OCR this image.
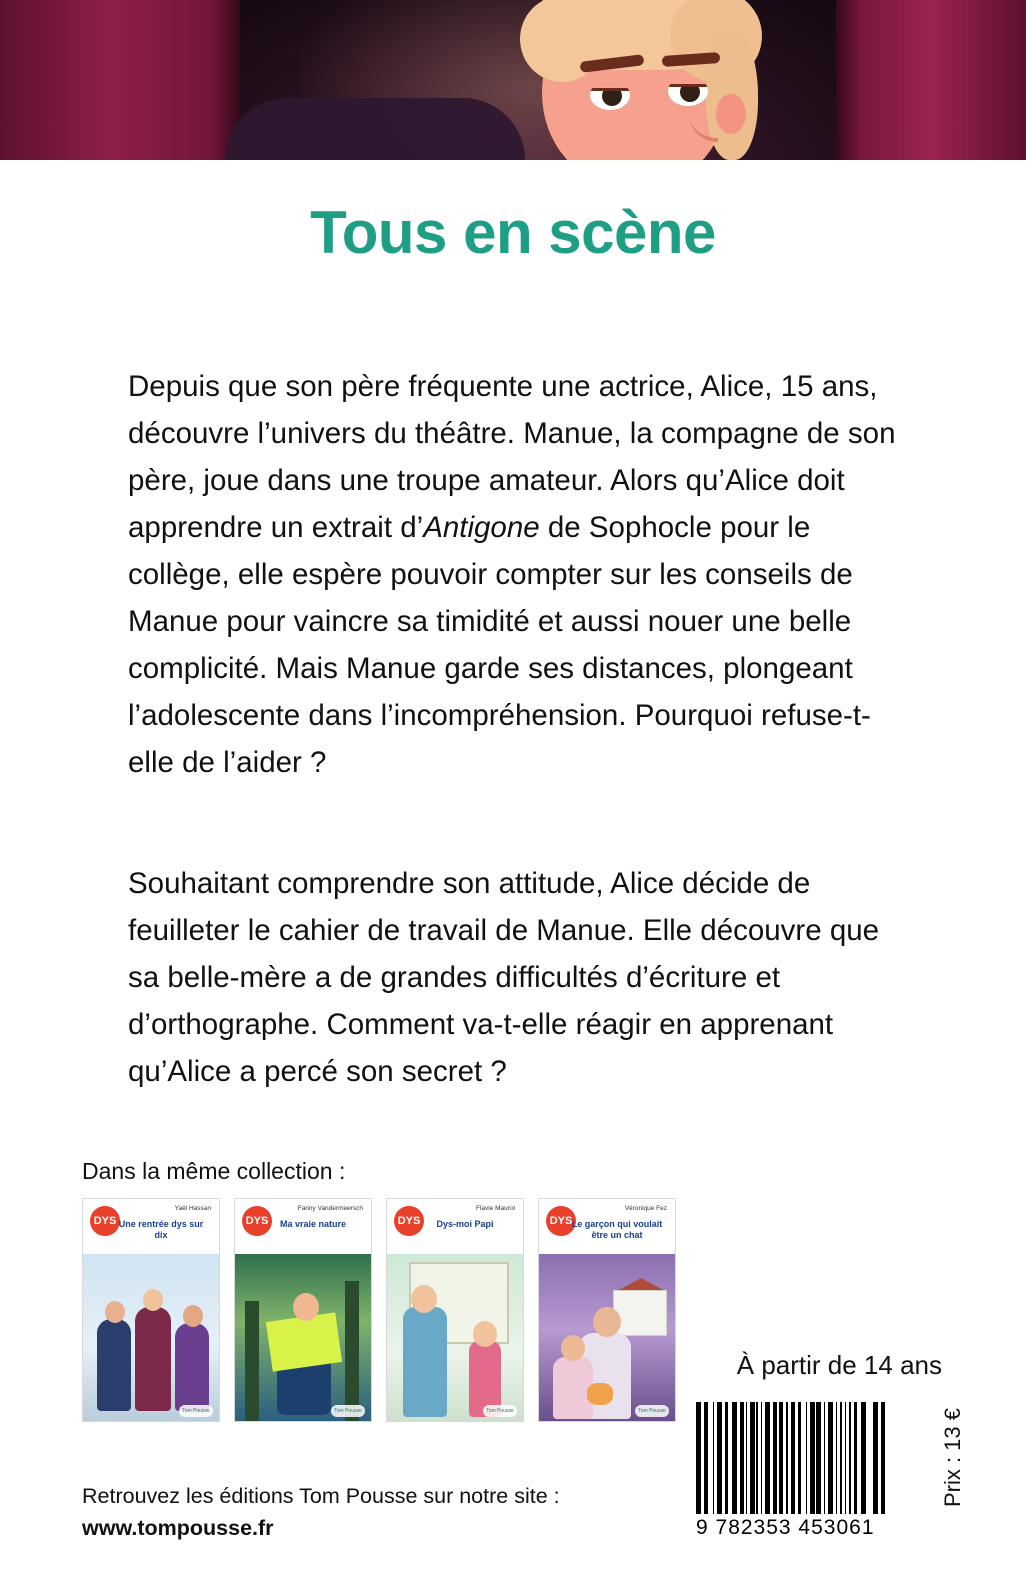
Tous en scène

Depuis que son père fréquente une actrice, Alice, 15 ans, découvre l’univers du théâtre. Manue, la compagne de son père, joue dans une troupe amateur. Alors qu’Alice doit apprendre un extrait d’Antigone de Sophocle pour le collège, elle espère pouvoir compter sur les conseils de Manue pour vaincre sa timidité et aussi nouer une belle complicité. Mais Manue garde ses distances, plongeant l’adolescente dans l’incompréhension. Pourquoi refuse-t-elle de l’aider ?

Souhaitant comprendre son attitude, Alice décide de feuilleter le cahier de travail de Manue. Elle découvre que sa belle-mère a de grandes difficultés d’écriture et d’orthographe. Comment va-t-elle réagir en apprenant qu’Alice a percé son secret ?

Dans la même collection :
DYS
Yaël Hassan
Une rentrée dys sur dix
Tom Pousse
DYS
Fanny Vandermeersch
Ma vraie nature
Tom Pousse
DYS
Flavie Maurol
Dys-moi Papi
Tom Pousse
DYS
Véronique Fez
Le garçon qui voulait être un chat
Tom Pousse
À partir de 14 ans
9 782353 453061
Prix : 13 €
Retrouvez les éditions Tom Pousse sur notre site :
www.tompousse.fr
